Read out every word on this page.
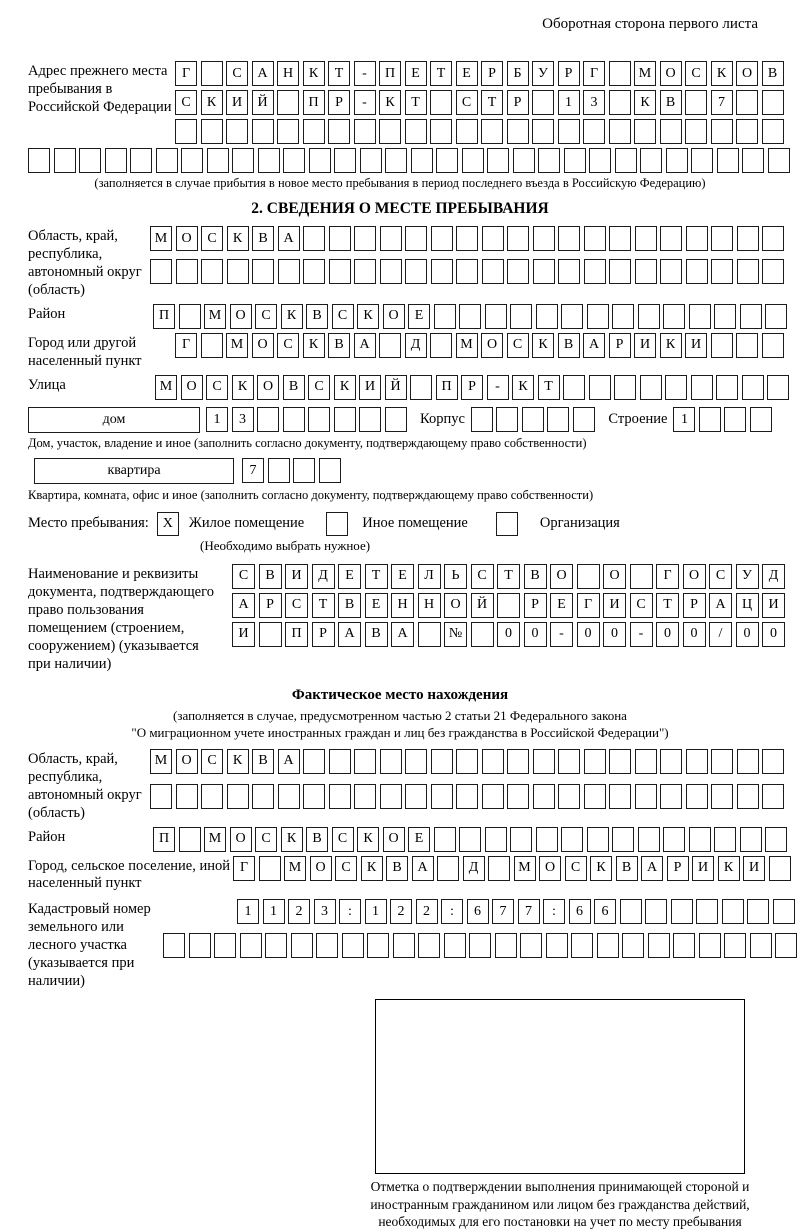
Оборотная сторона первого листа
Адрес прежнего места пребывания в Российской Федерации
Г	С	А	Н	К	Т	-	П	Е	Т	Е	Р	Б	У	Р	Г	М	О	С	К	О	В
С	К	И	Й	П	Р	-	К	Т	С	Т	Р	1	3	К	В	7
(заполняется в случае прибытия в новое место пребывания в период последнего въезда в Российскую Федерацию)
2. СВЕДЕНИЯ О МЕСТЕ ПРЕБЫВАНИЯ
Область, край, республика, автономный округ (область)
М	О	С	К	В	А
Район	П	М	О	С	К	В	С	К	О	Е
Город или другой населенный пункт
Г	М	О	С	К	В	А	Д	М	О	С	К	В	А	Р	И	К	И
Улица	М	О	С	К	О	В	С	К	И	Й	П	Р	-	К	Т
дом	1	3	Корпус	Строение 1
Дом, участок, владение и иное (заполнить согласно документу, подтверждающему право собственности)
квартира	7
Квартира, комната, офис и иное (заполнить согласно документу, подтверждающему право собственности)
Место пребывания: X	Жилое помещение	Иное помещение	Организация
(Необходимо выбрать нужное)
Наименование и реквизиты документа, подтверждающего право пользования помещением (строением, сооружением) (указывается при наличии)
С	В	И	Д	Е	Т	Е	Л	Ь	С	Т	В	О	О	Г	О	С	У	Д
А	Р	С	Т	В	Е	Н	Н	О	Й	Р	Е	Г	И	С	Т	Р	А	Ц	И
И	П	Р	А	В	А	№	0	0	-	0	0	-	0	0	/	0	0
Фактическое место нахождения
(заполняется в случае, предусмотренном частью 2 статьи 21 Федерального закона
"О миграционном учете иностранных граждан и лиц без гражданства в Российской Федерации")
Область, край, республика, автономный округ (область)
М	О	С	К	В	А
Район	П	М	О	С	К	В	С	К	О	Е
Город, сельское поселение, иной населенный пункт
Г	М	О	С	К	В	А	Д	М	О	С	К	В	А	Р	И	К	И
Кадастровый номер земельного или лесного участка (указывается при наличии)
1	1	2	3	:	1	2	2	:	6	7	7	:	6	6
Отметка о подтверждении выполнения принимающей стороной и иностранным гражданином или лицом без гражданства действий, необходимых для его постановки на учет по месту пребывания
